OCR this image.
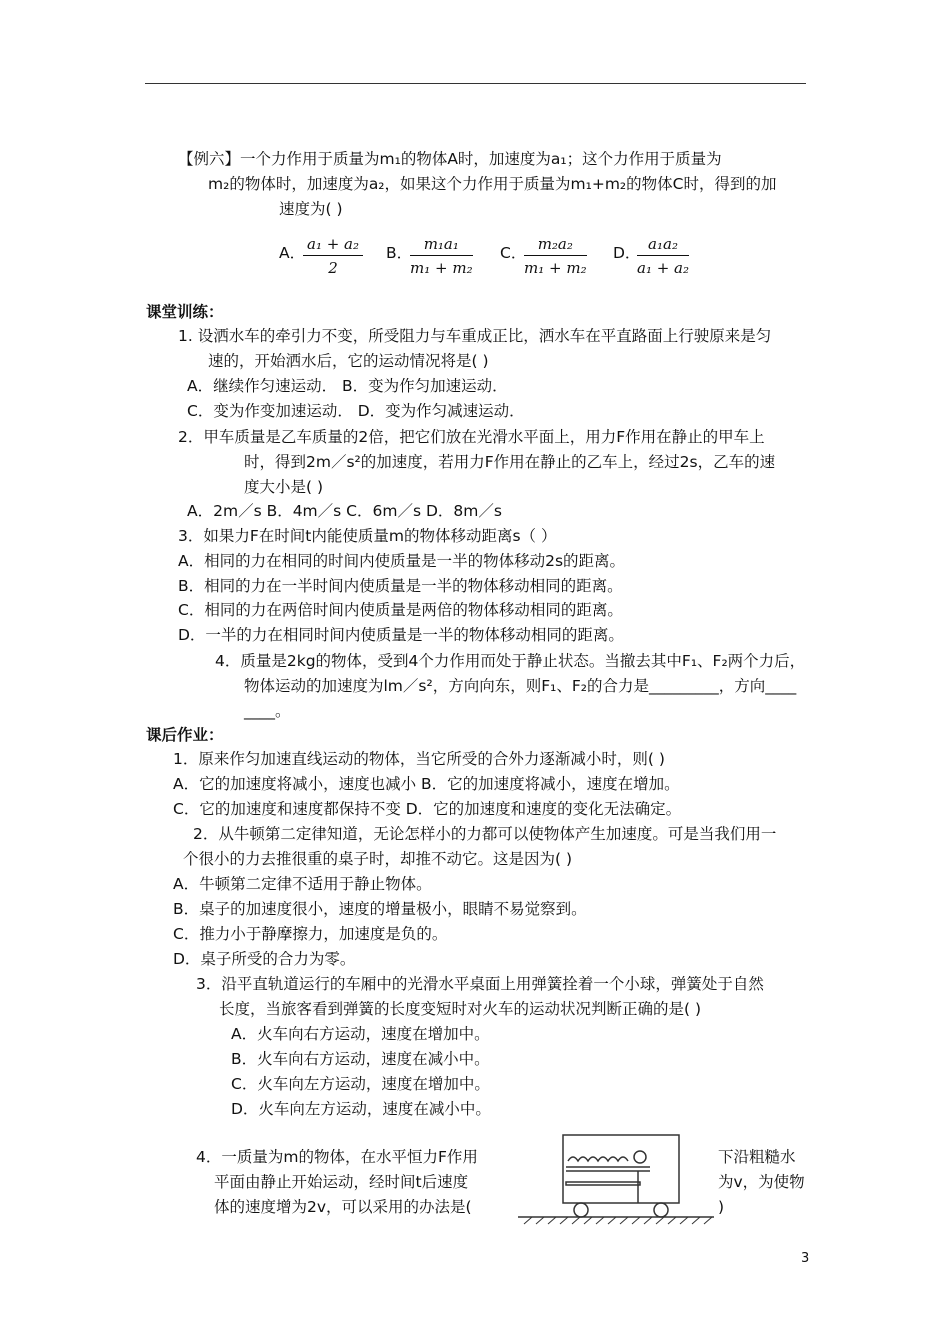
【例六】一个力作用于质量为m₁的物体A时，加速度为a₁；这个力作用于质量为
m₂的物体时，加速度为a₂，如果这个力作用于质量为m₁+m₂的物体C时，得到的加
速度为( )
A．
$\frac{\text{a₁ + a₂}}{2}$ B．
$\frac{\text{m₁a₁}}{\text{m₁ + m₂}}$ C．
$\frac{\text{m₂a₂}}{\text{m₁ + m₂}}$ D．
$\frac{\text{a₁a₂}}{\text{a₁ + a₂}}$
课堂训练：
1. 设洒水车的牵引力不变，所受阻力与车重成正比，洒水车在平直路面上行驶原来是匀
速的，开始洒水后，它的运动情况将是( )
A．继续作匀速运动． B．变为作匀加速运动．
C．变为作变加速运动． D．变为作匀减速运动．
2．甲车质量是乙车质量的2倍，把它们放在光滑水平面上，用力F作用在静止的甲车上
时，得到2m／s²的加速度，若用力F作用在静止的乙车上，经过2s，乙车的速
度大小是( )
A．2m／s B．4m／s C．6m／s D．8m／s
3．如果力F在时间t内能使质量m的物体移动距离s（ ）
A．相同的力在相同的时间内使质量是一半的物体移动2s的距离。
B．相同的力在一半时间内使质量是一半的物体移动相同的距离。
C．相同的力在两倍时间内使质量是两倍的物体移动相同的距离。
D．一半的力在相同时间内使质量是一半的物体移动相同的距离。
4．质量是2kg的物体，受到4个力作用而处于静止状态。当撤去其中F₁、F₂两个力后，
物体运动的加速度为lm／s²，方向向东，则F₁、F₂的合力是_________，方向____
____。
课后作业：
1．原来作匀加速直线运动的物体，当它所受的合外力逐渐减小时，则( )
A．它的加速度将减小，速度也减小 B．它的加速度将减小，速度在增加。
C．它的加速度和速度都保持不变 D．它的加速度和速度的变化无法确定。
2．从牛顿第二定律知道，无论怎样小的力都可以使物体产生加速度。可是当我们用一
个很小的力去推很重的桌子时，却推不动它。这是因为( )
A．牛顿第二定律不适用于静止物体。
B．桌子的加速度很小，速度的增量极小，眼睛不易觉察到。
C．推力小于静摩擦力，加速度是负的。
D．桌子所受的合力为零。
3．沿平直轨道运行的车厢中的光滑水平桌面上用弹簧拴着一个小球，弹簧处于自然
长度，当旅客看到弹簧的长度变短时对火车的运动状况判断正确的是( )
A．火车向右方运动，速度在增加中。
B．火车向右方运动，速度在减小中。
C．火车向左方运动，速度在增加中。
D．火车向左方运动，速度在减小中。
4．一质量为m的物体，在水平恒力F作用
平面由静止开始运动，经时间t后速度
体的速度增为2v，可以采用的办法是(
下沿粗糙水
为v，为使物
)
3
